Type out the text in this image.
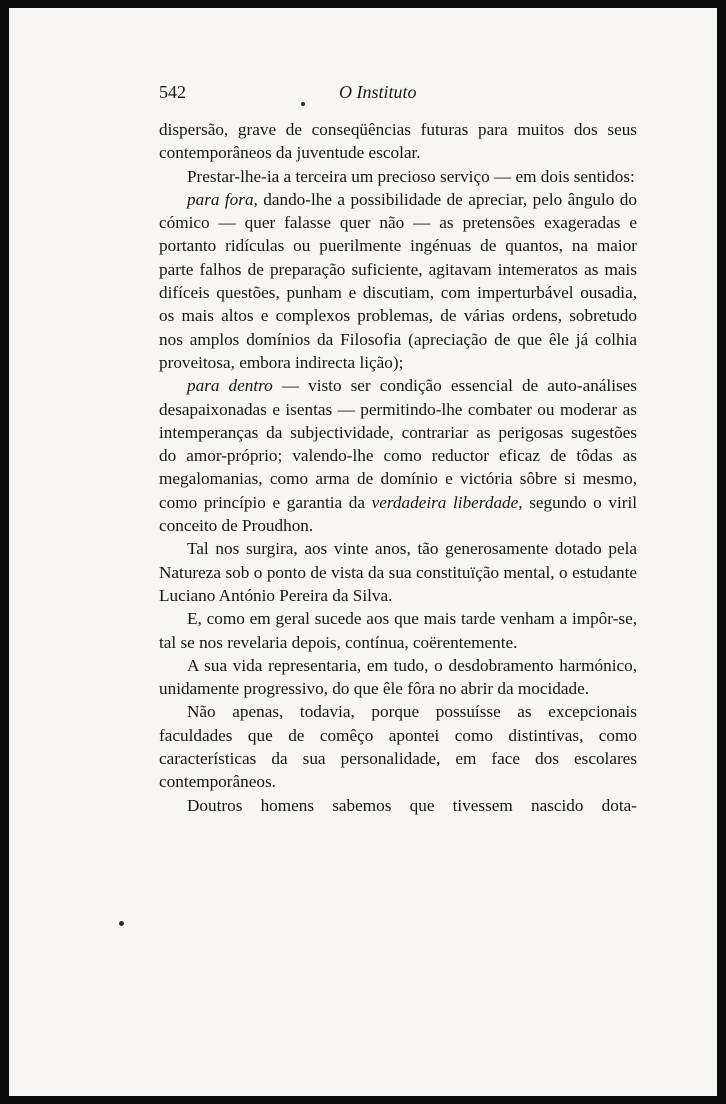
542	O Instituto

dispersão, grave de conseqüências futuras para muitos dos seus contemporâneos da juventude escolar.

Prestar-lhe-ia a terceira um precioso serviço — em dois sentidos:

para fora, dando-lhe a possibilidade de apreciar, pelo ângulo do cómico — quer falasse quer não — as pretensões exageradas e portanto ridículas ou puerilmente ingénuas de quantos, na maior parte falhos de preparação suficiente, agitavam intemeratos as mais difíceis questões, punham e discutiam, com imperturbável ousadia, os mais altos e complexos problemas, de várias ordens, sobretudo nos amplos domínios da Filosofia (apreciação de que êle já colhia proveitosa, embora indirecta lição);

para dentro — visto ser condição essencial de auto-análises desapaixonadas e isentas — permitindo-lhe combater ou moderar as intemperanças da subjectividade, contrariar as perigosas sugestões do amor-próprio; valendo-lhe como reductor eficaz de tôdas as megalomanias, como arma de domínio e victória sôbre si mesmo, como princípio e garantia da verdadeira liberdade, segundo o viril conceito de Proudhon.

Tal nos surgira, aos vinte anos, tão generosamente dotado pela Natureza sob o ponto de vista da sua constituïção mental, o estudante Luciano António Pereira da Silva.

E, como em geral sucede aos que mais tarde venham a impôr-se, tal se nos revelaria depois, contínua, coërentemente.

A sua vida representaria, em tudo, o desdobramento harmónico, unidamente progressivo, do que êle fôra no abrir da mocidade.

Não apenas, todavia, porque possuísse as excepcionais faculdades que de comêço apontei como distintivas, como características da sua personalidade, em face dos escolares contemporâneos.

Doutros homens sabemos que tivessem nascido dota-
